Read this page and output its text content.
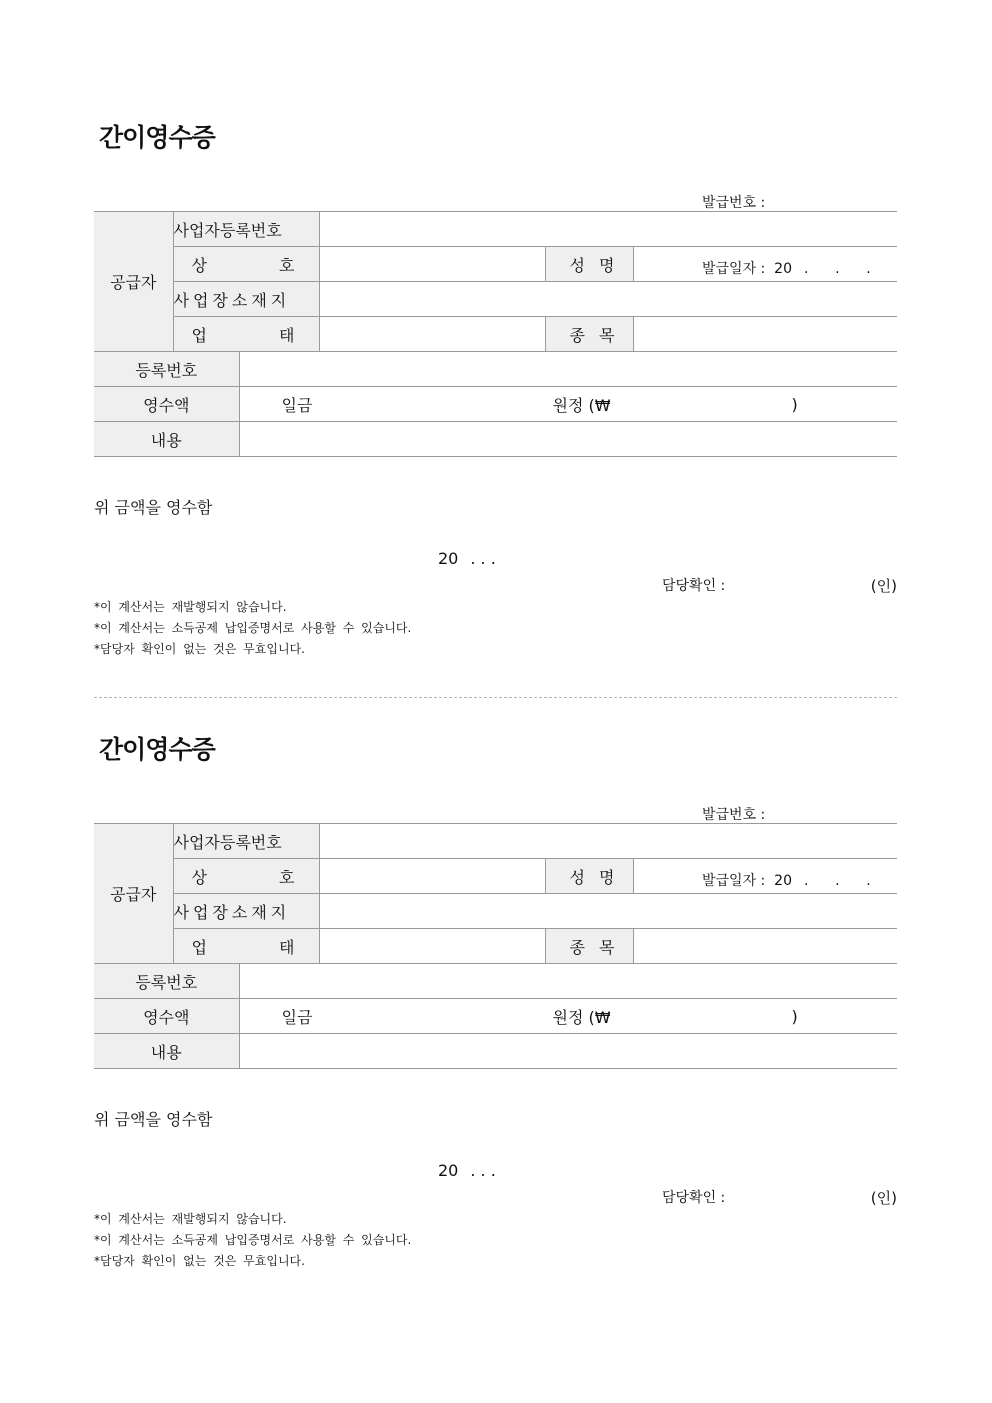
간이영수증

발급번호 :

발급일자 : 20 .      .      .

공급자	사업자등록번호				

	상 호			성 명	

	사업장소재지				

	업 태			종 목	

등록번호					
영수액		일금 원정 (₩ )			

내용					
위 금액을 영수함
20 . . .
담당확인 :	(인)
*이 계산서는 재발행되지 않습니다.
*이 계산서는 소득공제 납입증명서로 사용할 수 있습니다.
*담당자 확인이 없는 것은 무효입니다.
간이영수증

발급번호 :

발급일자 : 20 .      .      .

공급자	사업자등록번호				

	상 호			성 명	

	사업장소재지				

	업 태			종 목	

등록번호					
영수액		일금 원정 (₩ )			

내용					
위 금액을 영수함
20 . . .
담당확인 :	(인)
*이 계산서는 재발행되지 않습니다.
*이 계산서는 소득공제 납입증명서로 사용할 수 있습니다.
*담당자 확인이 없는 것은 무효입니다.
